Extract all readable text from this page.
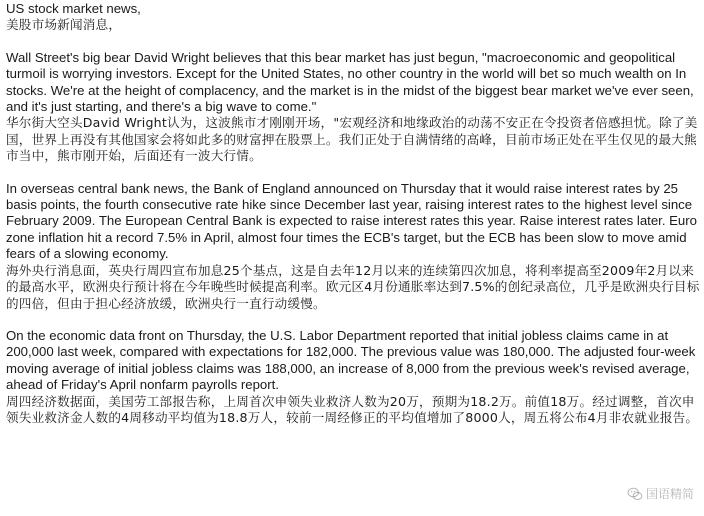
US stock market news,

美股市场新闻消息，

Wall Street's big bear David Wright believes that this bear market has just begun, "macroeconomic and geopolitical turmoil is worrying investors. Except for the United States, no other country in the world will bet so much wealth on In stocks. We're at the height of complacency, and the market is in the midst of the biggest bear market we've ever seen, and it's just starting, and there's a big wave to come."

华尔街大空头David Wright认为，这波熊市才刚刚开场，"宏观经济和地缘政治的动荡不安正在令投资者倍感担忧。除了美国，世界上再没有其他国家会将如此多的财富押在股票上。我们正处于自满情绪的高峰，目前市场正处在平生仅见的最大熊市当中，熊市刚开始，后面还有一波大行情。

In overseas central bank news, the Bank of England announced on Thursday that it would raise interest rates by 25 basis points, the fourth consecutive rate hike since December last year, raising interest rates to the highest level since February 2009. The European Central Bank is expected to raise interest rates this year. Raise interest rates later. Euro zone inflation hit a record 7.5% in April, almost four times the ECB's target, but the ECB has been slow to move amid fears of a slowing economy.

海外央行消息面，英央行周四宣布加息25个基点，这是自去年12月以来的连续第四次加息，将利率提高至2009年2月以来的最高水平，欧洲央行预计将在今年晚些时候提高利率。欧元区4月份通胀率达到7.5%的创纪录高位，几乎是欧洲央行目标的四倍，但由于担心经济放缓，欧洲央行一直行动缓慢。

On the economic data front on Thursday, the U.S. Labor Department reported that initial jobless claims came in at 200,000 last week, compared with expectations for 182,000. The previous value was 180,000. The adjusted four-week moving average of initial jobless claims was 188,000, an increase of 8,000 from the previous week's revised average, ahead of Friday's April nonfarm payrolls report.

周四经济数据面，美国劳工部报告称，上周首次申领失业救济人数为20万，预期为18.2万。前值18万。经过调整，首次申领失业救济金人数的4周移动平均值为18.8万人，较前一周经修正的平均值增加了8000人，周五将公布4月非农就业报告。

国语精简
